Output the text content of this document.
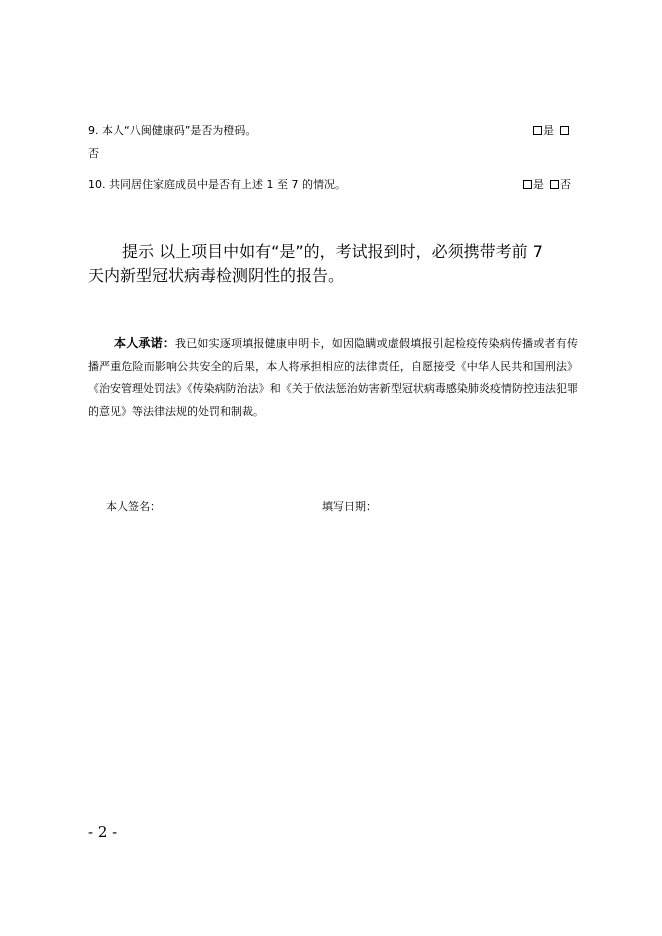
9. 本人“八闽健康码”是否为橙码。	是
否
10. 共同居住家庭成员中是否有上述 1 至 7 的情况。	是 否
提示 以上项目中如有“是”的，考试报到时，必须携带考前 7
天内新型冠状病毒检测阴性的报告。
本人承诺：我已如实逐项填报健康申明卡，如因隐瞒或虚假填报引起检疫传染病传播或者有传播严重危险而影响公共安全的后果，本人将承担相应的法律责任，自愿接受《中华人民共和国刑法》《治安管理处罚法》《传染病防治法》和《关于依法惩治妨害新型冠状病毒感染肺炎疫情防控违法犯罪的意见》等法律法规的处罚和制裁。
本人签名：	填写日期：
- 2 -
